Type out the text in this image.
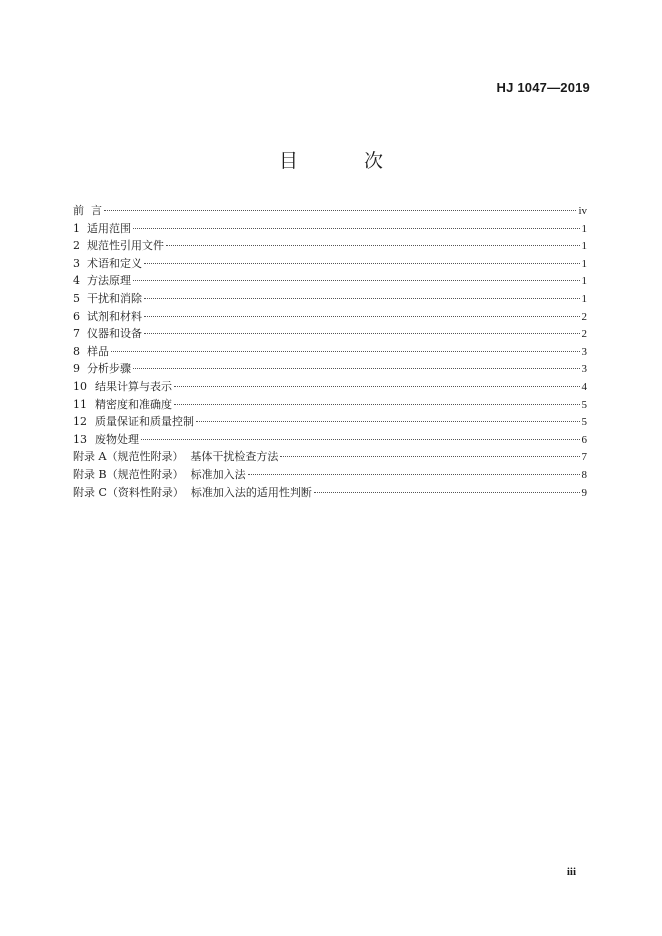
HJ 1047—2019
目 次
前  言	iv
1 适用范围	1
2 规范性引用文件	1
3 术语和定义	1
4 方法原理	1
5 干扰和消除	1
6 试剂和材料	2
7 仪器和设备	2
8 样品	3
9 分析步骤	3
10 结果计算与表示	4
11 精密度和准确度	5
12 质量保证和质量控制	5
13 废物处理	6
附录 A（规范性附录）  基体干扰检查方法	7
附录 B（规范性附录）  标准加入法	8
附录 C（资料性附录）  标准加入法的适用性判断	9
iii
